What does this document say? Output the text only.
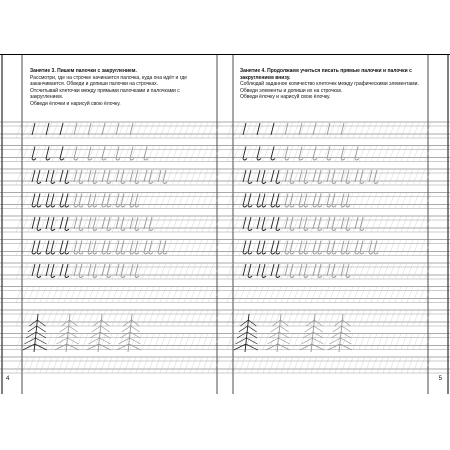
Занятие 3. Пишем палочки с закруглением.

Рассмотри, где на строчке начинается палочка, куда она идёт и где заканчивается. Обведи и допиши палочки на строчках.

Отсчитывай клеточки между прямыми палочками и палочками с закруглением.

Обведи ёлочки и нарисуй свою ёлочку.

4

Занятие 4. Продолжаем учиться писать прямые палочки и палочки с закруглением внизу.

Соблюдай заданное количество клеточек между графическими элементами. Обведи элементы и допиши их на строчках.

Обведи ёлочку и нарисуй свою ёлочку.

5
